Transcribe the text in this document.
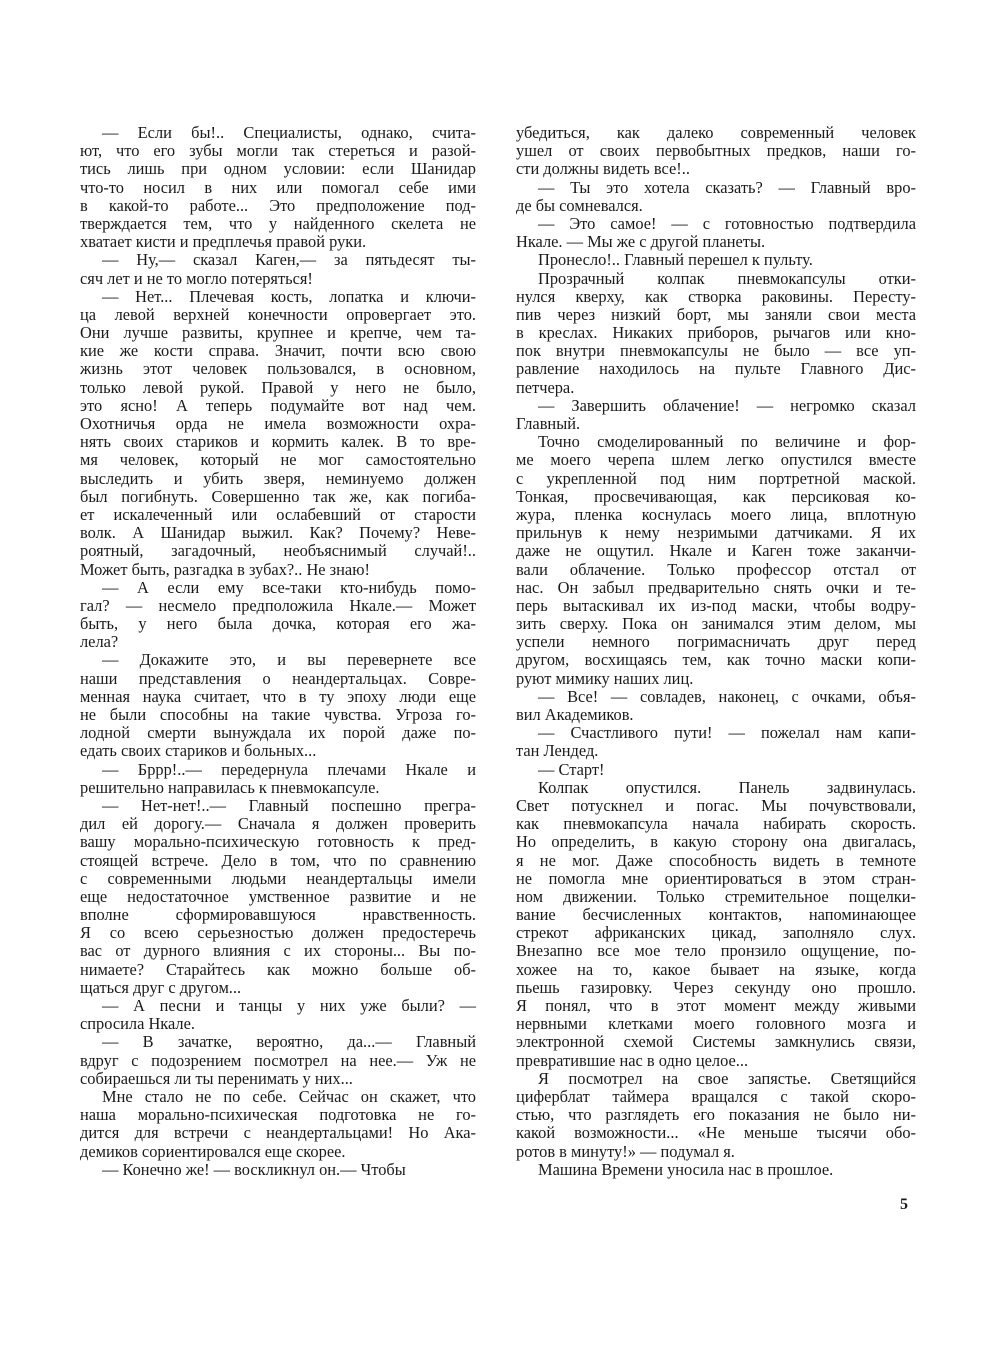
— Если бы!.. Специалисты, однако, счита-
ют, что его зубы могли так стереться и разой-
тись лишь при одном условии: если Шанидар
что-то носил в них или помогал себе ими
в какой-то работе... Это предположение под-
тверждается тем, что у найденного скелета не
хватает кисти и предплечья правой руки.
— Ну,— сказал Каген,— за пятьдесят ты-
сяч лет и не то могло потеряться!
— Нет... Плечевая кость, лопатка и ключи-
ца левой верхней конечности опровергает это.
Они лучше развиты, крупнее и крепче, чем та-
кие же кости справа. Значит, почти всю свою
жизнь этот человек пользовался, в основном,
только левой рукой. Правой у него не было,
это ясно! А теперь подумайте вот над чем.
Охотничья орда не имела возможности охра-
нять своих стариков и кормить калек. В то вре-
мя человек, который не мог самостоятельно
выследить и убить зверя, неминуемо должен
был погибнуть. Совершенно так же, как погиба-
ет искалеченный или ослабевший от старости
волк. А Шанидар выжил. Как? Почему? Неве-
роятный, загадочный, необъяснимый случай!..
Может быть, разгадка в зубах?.. Не знаю!
— А если ему все-таки кто-нибудь помо-
гал? — несмело предположила Нкале.— Может
быть, у него была дочка, которая его жа-
лела?
— Докажите это, и вы перевернете все
наши представления о неандертальцах. Совре-
менная наука считает, что в ту эпоху люди еще
не были способны на такие чувства. Угроза го-
лодной смерти вынуждала их порой даже по-
едать своих стариков и больных...
— Бррр!..— передернула плечами Нкале и
решительно направилась к пневмокапсуле.
— Нет-нет!..— Главный поспешно прегра-
дил ей дорогу.— Сначала я должен проверить
вашу морально-психическую готовность к пред-
стоящей встрече. Дело в том, что по сравнению
с современными людьми неандертальцы имели
еще недостаточное умственное развитие и не
вполне сформировавшуюся нравственность.
Я со всею серьезностью должен предостеречь
вас от дурного влияния с их стороны... Вы по-
нимаете? Старайтесь как можно больше об-
щаться друг с другом...
— А песни и танцы у них уже были? —
спросила Нкале.
— В зачатке, вероятно, да...— Главный
вдруг с подозрением посмотрел на нее.— Уж не
собираешься ли ты перенимать у них...
Мне стало не по себе. Сейчас он скажет, что
наша морально-психическая подготовка не го-
дится для встречи с неандертальцами! Но Ака-
демиков сориентировался еще скорее.
— Конечно же! — воскликнул он.— Чтобы
убедиться, как далеко современный человек
ушел от своих первобытных предков, наши го-
сти должны видеть все!..
— Ты это хотела сказать? — Главный вро-
де бы сомневался.
— Это самое! — с готовностью подтвердила
Нкале. — Мы же с другой планеты.
Пронесло!.. Главный перешел к пульту.
Прозрачный колпак пневмокапсулы отки-
нулся кверху, как створка раковины. Пересту-
пив через низкий борт, мы заняли свои места
в креслах. Никаких приборов, рычагов или кно-
пок внутри пневмокапсулы не было — все уп-
равление находилось на пульте Главного Дис-
петчера.
— Завершить облачение! — негромко сказал
Главный.
Точно смоделированный по величине и фор-
ме моего черепа шлем легко опустился вместе
с укрепленной под ним портретной маской.
Тонкая, просвечивающая, как персиковая ко-
жура, пленка коснулась моего лица, вплотную
прильнув к нему незримыми датчиками. Я их
даже не ощутил. Нкале и Каген тоже заканчи-
вали облачение. Только профессор отстал от
нас. Он забыл предварительно снять очки и те-
перь вытаскивал их из-под маски, чтобы водру-
зить сверху. Пока он занимался этим делом, мы
успели немного погримасничать друг перед
другом, восхищаясь тем, как точно маски копи-
руют мимику наших лиц.
— Все! — совладев, наконец, с очками, объя-
вил Академиков.
— Счастливого пути! — пожелал нам капи-
тан Лендед.
— Старт!
Колпак опустился. Панель задвинулась.
Свет потускнел и погас. Мы почувствовали,
как пневмокапсула начала набирать скорость.
Но определить, в какую сторону она двигалась,
я не мог. Даже способность видеть в темноте
не помогла мне ориентироваться в этом стран-
ном движении. Только стремительное пощелки-
вание бесчисленных контактов, напоминающее
стрекот африканских цикад, заполняло слух.
Внезапно все мое тело пронзило ощущение, по-
хожее на то, какое бывает на языке, когда
пьешь газировку. Через секунду оно прошло.
Я понял, что в этот момент между живыми
нервными клетками моего головного мозга и
электронной схемой Системы замкнулись связи,
превратившие нас в одно целое...
Я посмотрел на свое запястье. Светящийся
циферблат таймера вращался с такой скоро-
стью, что разглядеть его показания не было ни-
какой возможности... «Не меньше тысячи обо-
ротов в минуту!» — подумал я.
Машина Времени уносила нас в прошлое.
5
